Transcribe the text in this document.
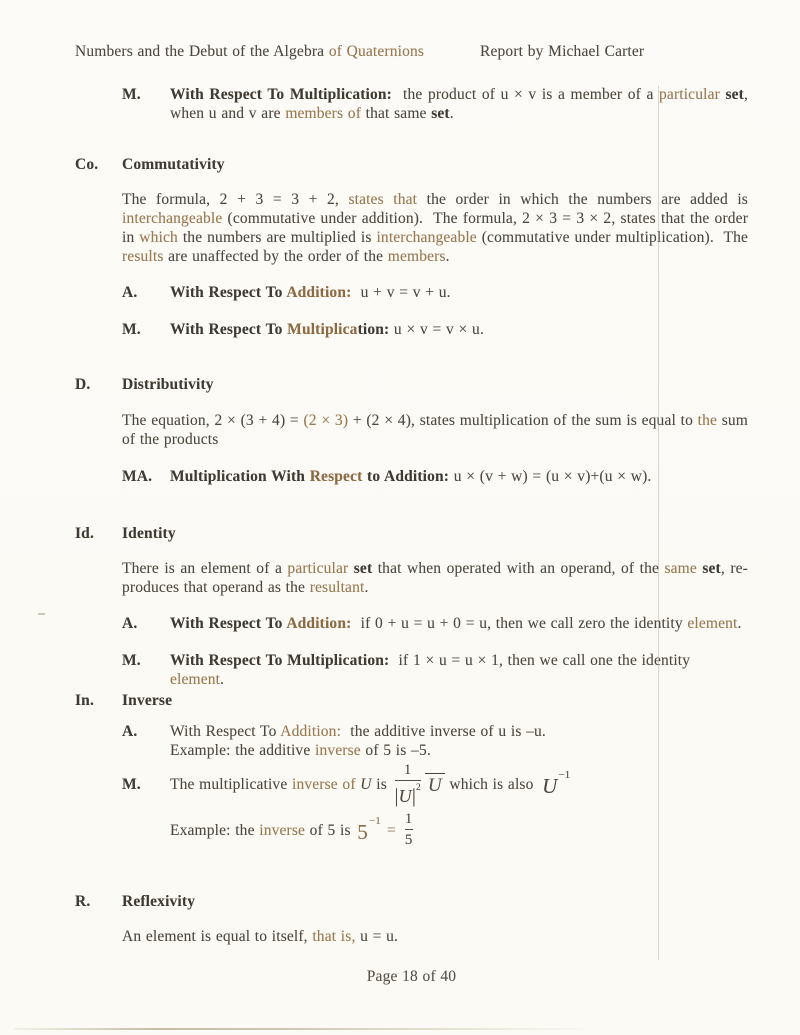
Numbers and the Debut of the Algebra of Quaternions	Report by Michael Carter
M.	With Respect To Multiplication:  the product of u × v is a member of a particular set, when u and v are members of that same set.
Co.	Commutativity
The formula, 2 + 3 = 3 + 2, states that the order in which the numbers are added is interchangeable (commutative under addition).  The formula, 2 × 3 = 3 × 2, states that the order in which the numbers are multiplied is interchangeable (commutative under multiplication).  The results are unaffected by the order of the members.
A.	With Respect To Addition:  u + v = v + u.
M.	With Respect To Multiplication: u × v = v × u.
D.	Distributivity
The equation, 2 × (3 + 4) = (2 × 3) + (2 × 4), states multiplication of the sum is equal to the sum of the products
MA.	Multiplication With Respect to Addition: u × (v + w) = (u × v)+(u × w).
Id.	Identity
There is an element of a particular set that when operated with an operand, of the same set, re-produces that operand as the resultant.
A.	With Respect To Addition:  if 0 + u = u + 0 = u, then we call zero the identity element.
M.	With Respect To Multiplication:  if 1 × u = u × 1, then we call one the identity element.
In.	Inverse
A.	With Respect To Addition:  the additive inverse of u is –u.
Example: the additive inverse of 5 is –5.
M.	The multiplicative inverse of U is $\frac{1}{|U|^2}$ U which is also $U^{-1}$
Example: the inverse of 5 is $5^{-1}$
= $\frac{1}{5}$
R.	Reflexivity
An element is equal to itself, that is, u = u.
Page 18 of 40
